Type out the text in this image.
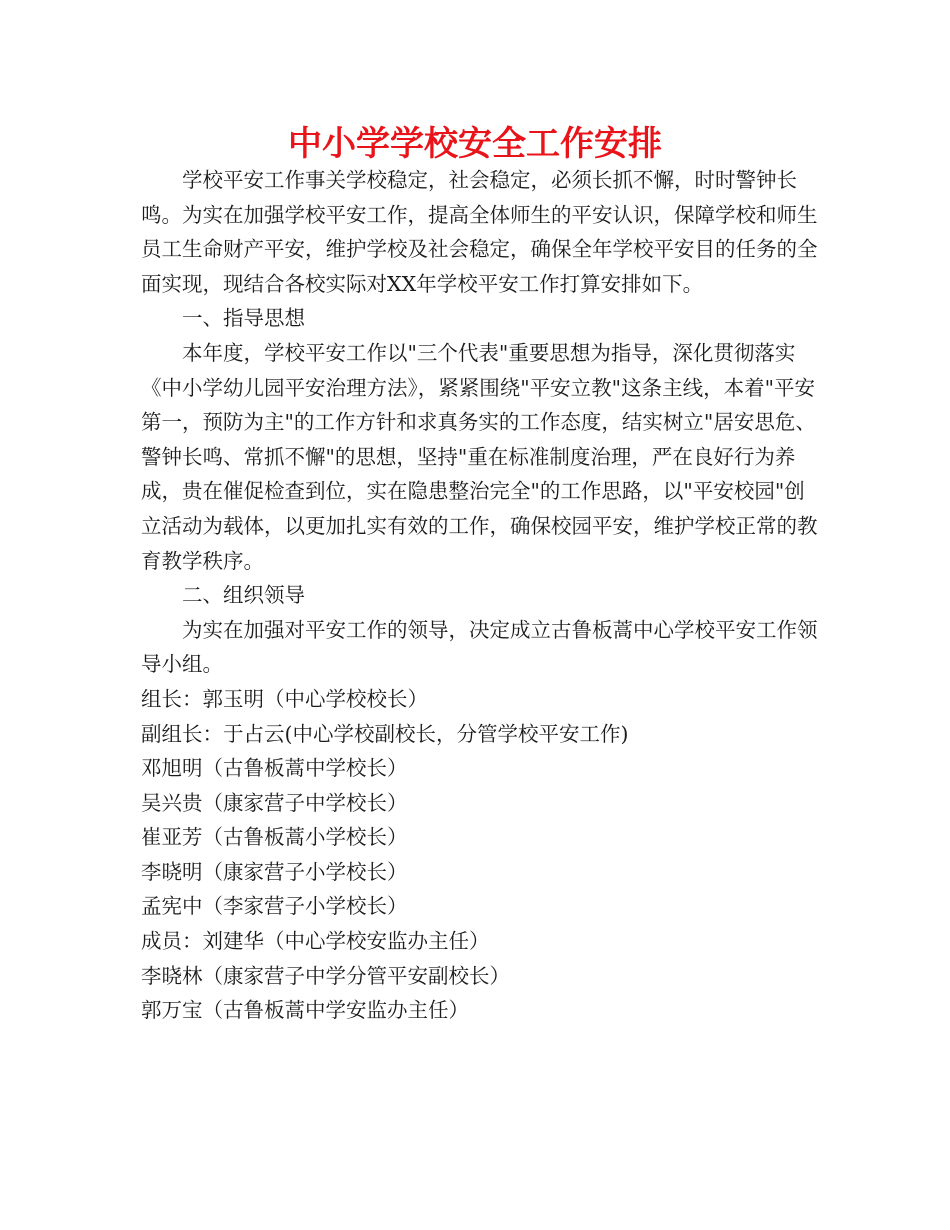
中小学学校安全工作安排

学校平安工作事关学校稳定，社会稳定，必须长抓不懈，时时警钟长鸣。为实在加强学校平安工作，提高全体师生的平安认识，保障学校和师生员工生命财产平安，维护学校及社会稳定，确保全年学校平安目的任务的全面实现，现结合各校实际对XX年学校平安工作打算安排如下。

一、指导思想

本年度，学校平安工作以"三个代表"重要思想为指导，深化贯彻落实《中小学幼儿园平安治理方法》，紧紧围绕"平安立教"这条主线，本着"平安第一，预防为主"的工作方针和求真务实的工作态度，结实树立"居安思危、警钟长鸣、常抓不懈"的思想，坚持"重在标准制度治理，严在良好行为养成，贵在催促检查到位，实在隐患整治完全"的工作思路，以"平安校园"创立活动为载体，以更加扎实有效的工作，确保校园平安，维护学校正常的教育教学秩序。

二、组织领导

为实在加强对平安工作的领导，决定成立古鲁板蒿中心学校平安工作领导小组。

组长：郭玉明（中心学校校长）

副组长：于占云(中心学校副校长，分管学校平安工作)

邓旭明（古鲁板蒿中学校长）

吴兴贵（康家营子中学校长）

崔亚芳（古鲁板蒿小学校长）

李晓明（康家营子小学校长）

孟宪中（李家营子小学校长）

成员：刘建华（中心学校安监办主任）

李晓林（康家营子中学分管平安副校长）

郭万宝（古鲁板蒿中学安监办主任）
